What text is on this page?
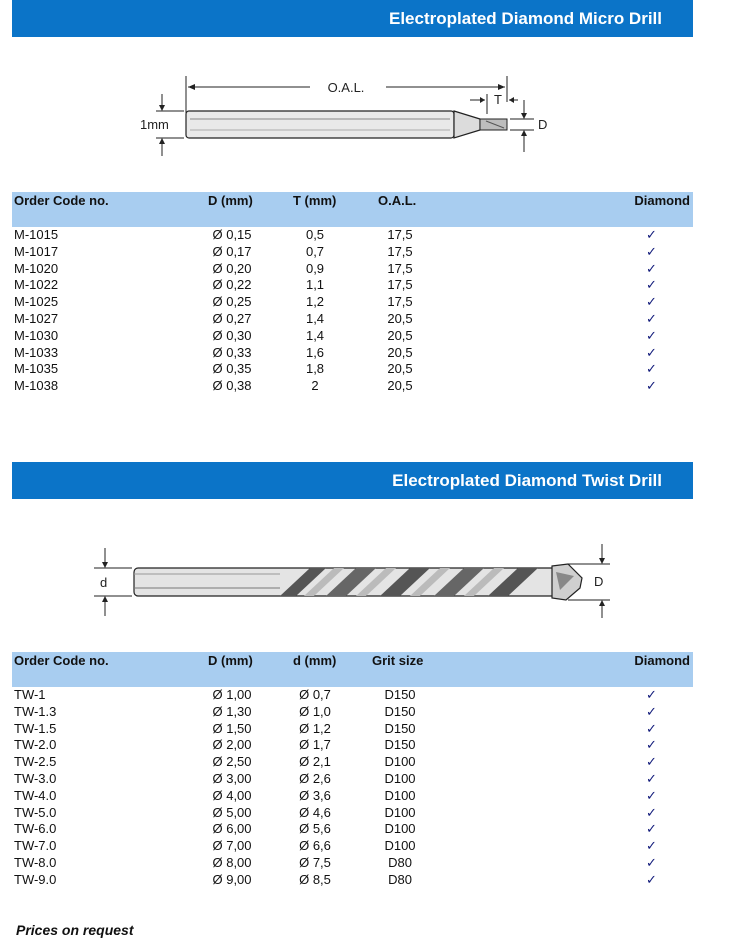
Electroplated Diamond Micro Drill
O.A.L.
T
D
1mm
Order Code no.	D (mm)	T (mm)	O.A.L.	Diamond
M-1015	Ø 0,15	0,5	17,5	✓
M-1017	Ø 0,17	0,7	17,5	✓
M-1020	Ø 0,20	0,9	17,5	✓
M-1022	Ø 0,22	1,1	17,5	✓
M-1025	Ø 0,25	1,2	17,5	✓
M-1027	Ø 0,27	1,4	20,5	✓
M-1030	Ø 0,30	1,4	20,5	✓
M-1033	Ø 0,33	1,6	20,5	✓
M-1035	Ø 0,35	1,8	20,5	✓
M-1038	Ø 0,38	2	20,5	✓
Electroplated Diamond Twist Drill
d	D
Order Code no.	D (mm)	d (mm)	Grit size	Diamond
TW-1	Ø 1,00	Ø 0,7	D150	✓
TW-1.3	Ø 1,30	Ø 1,0	D150	✓
TW-1.5	Ø 1,50	Ø 1,2	D150	✓
TW-2.0	Ø 2,00	Ø 1,7	D150	✓
TW-2.5	Ø 2,50	Ø 2,1	D100	✓
TW-3.0	Ø 3,00	Ø 2,6	D100	✓
TW-4.0	Ø 4,00	Ø 3,6	D100	✓
TW-5.0	Ø 5,00	Ø 4,6	D100	✓
TW-6.0	Ø 6,00	Ø 5,6	D100	✓
TW-7.0	Ø 7,00	Ø 6,6	D100	✓
TW-8.0	Ø 8,00	Ø 7,5	D80	✓
TW-9.0	Ø 9,00	Ø 8,5	D80	✓
Prices on request
